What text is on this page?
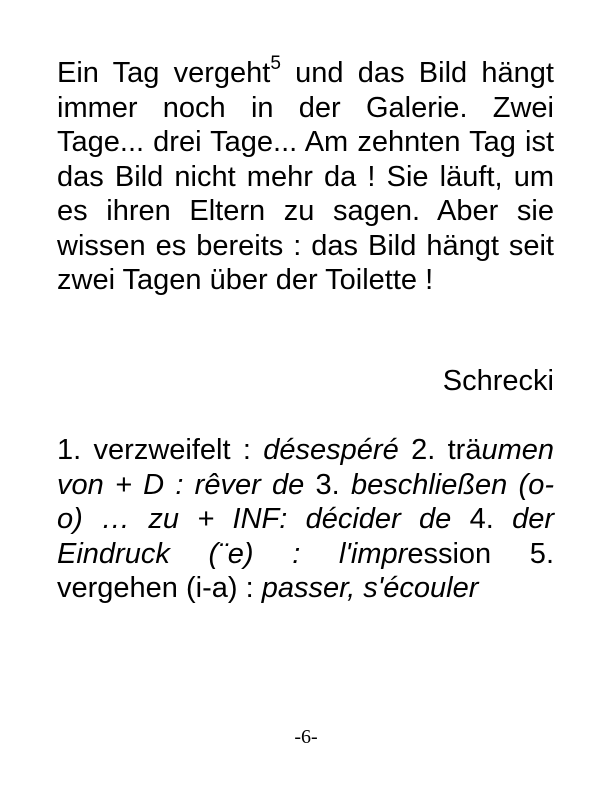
Ein Tag vergeht$^5$ und das Bild hängt immer noch in der Galerie. Zwei Tage... drei Tage... Am zehnten Tag ist das Bild nicht mehr da ! Sie läuft, um es ihren Eltern zu sagen. Aber sie wissen es bereits : das Bild hängt seit zwei Tagen über der Toilette !

Schrecki

1. verzweifelt : désespéré 2. träumen von + D : rêver de 3. beschließen (o-o) … zu + INF: décider de 4. der Eindruck (¨e) : l'impression 5. vergehen (i-a) : passer, s'écouler

-6-
